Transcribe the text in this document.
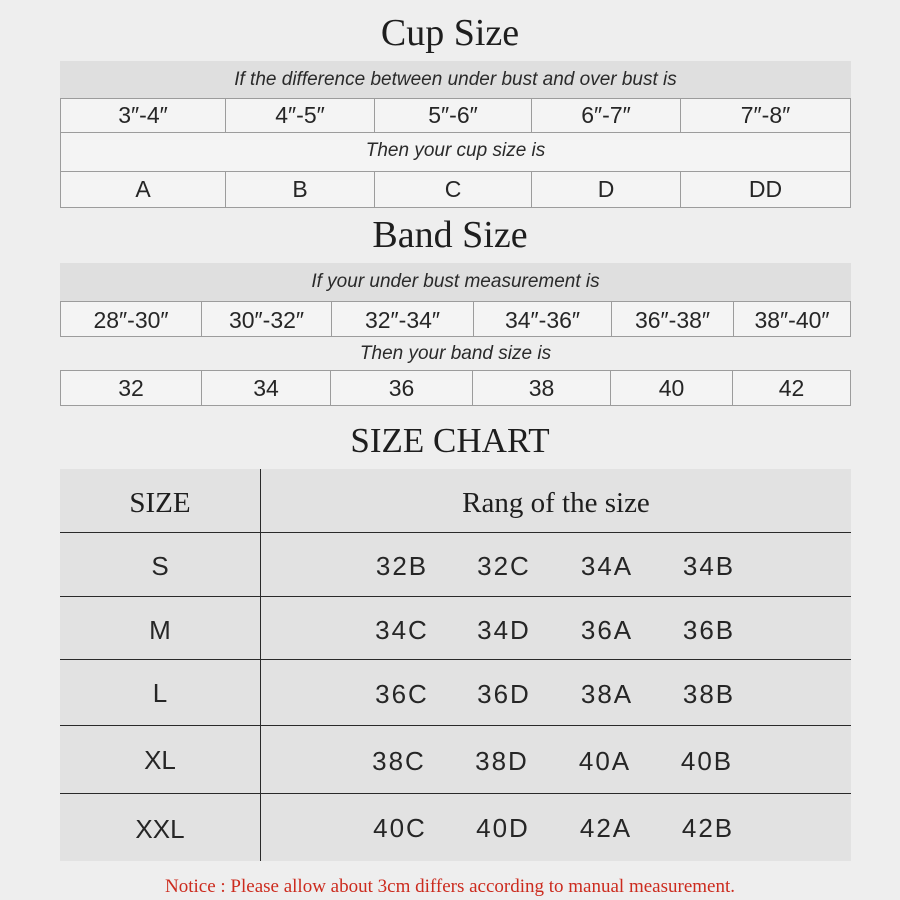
Cup Size
If the difference between under bust and over bust is
3″-4″	4″-5″	5″-6″	6″-7″	7″-8″
Then your cup size is
A	B	C	D	DD
Band Size
If your under bust measurement is
28″-30″	30″-32″	32″-34″	34″-36″	36″-38″	38″-40″
Then your band size is
32	34	36	38	40	42
SIZE CHART
SIZE	Rang of the size
S	32B	32C	34A	34B
M	34C	34D	36A	36B
L	36C	36D	38A	38B
XL	38C	38D	40A	40B
XXL	40C	40D	42A	42B
Notice : Please allow about 3cm differs according to manual measurement.
